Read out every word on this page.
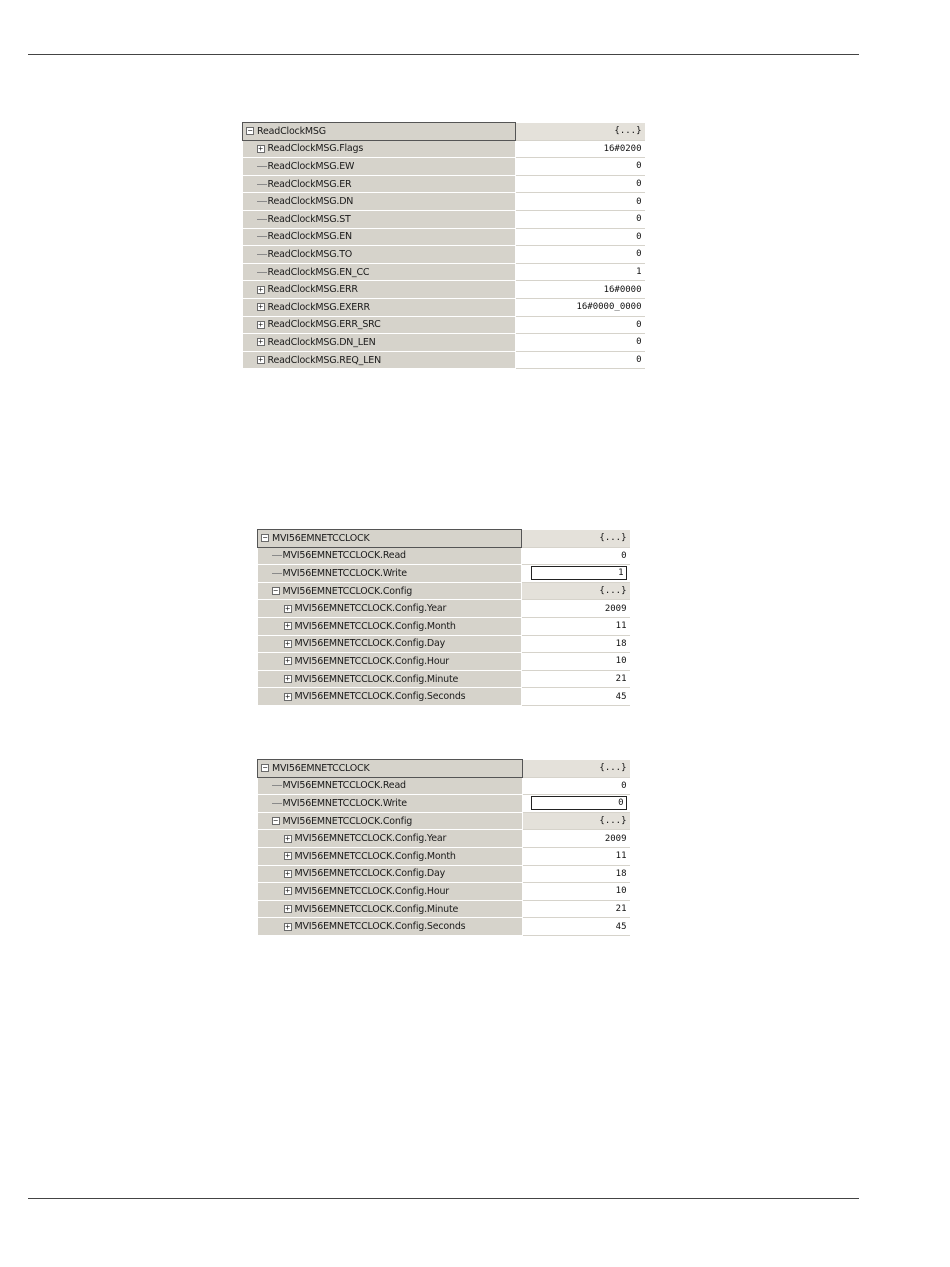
− ReadClockMSG	{...}

+ ReadClockMSG.Flags	16#0200

ReadClockMSG.EW	0

ReadClockMSG.ER	0

ReadClockMSG.DN	0

ReadClockMSG.ST	0

ReadClockMSG.EN	0

ReadClockMSG.TO	0

ReadClockMSG.EN_CC	1

+ ReadClockMSG.ERR	16#0000

+ ReadClockMSG.EXERR	16#0000_0000

+ ReadClockMSG.ERR_SRC	0

+ ReadClockMSG.DN_LEN	0

+ ReadClockMSG.REQ_LEN	0
− MVI56EMNETCCLOCK	{...}

MVI56EMNETCCLOCK.Read	0

MVI56EMNETCCLOCK.Write	1

− MVI56EMNETCCLOCK.Config	{...}

+ MVI56EMNETCCLOCK.Config.Year	2009

+ MVI56EMNETCCLOCK.Config.Month	11

+ MVI56EMNETCCLOCK.Config.Day	18

+ MVI56EMNETCCLOCK.Config.Hour	10

+ MVI56EMNETCCLOCK.Config.Minute	21

+ MVI56EMNETCCLOCK.Config.Seconds	45
− MVI56EMNETCCLOCK	{...}

MVI56EMNETCCLOCK.Read	0

MVI56EMNETCCLOCK.Write	0

− MVI56EMNETCCLOCK.Config	{...}

+ MVI56EMNETCCLOCK.Config.Year	2009

+ MVI56EMNETCCLOCK.Config.Month	11

+ MVI56EMNETCCLOCK.Config.Day	18

+ MVI56EMNETCCLOCK.Config.Hour	10

+ MVI56EMNETCCLOCK.Config.Minute	21

+ MVI56EMNETCCLOCK.Config.Seconds	45
